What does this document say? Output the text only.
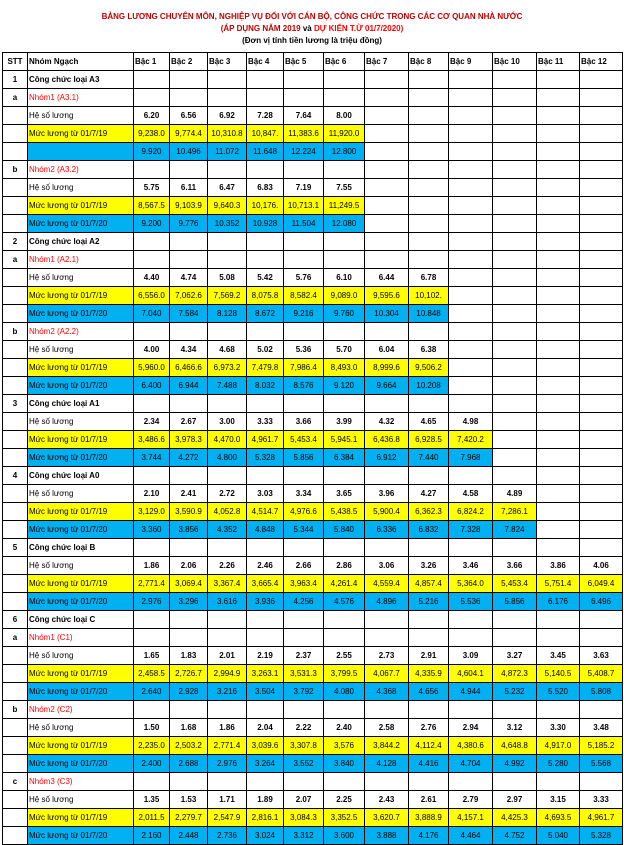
BẢNG LƯƠNG CHUYÊN MÔN, NGHIỆP VỤ ĐỐI VỚI CÁN BỘ, CÔNG CHỨC TRONG CÁC CƠ QUAN NHÀ NƯỚC
(ÁP DỤNG NĂM 2019 và DỰ KIẾN T.Ừ 01/7/2020)
(Đơn vị tính tiền lương là triệu đồng)
STT	Nhóm Ngạch	Bậc 1	Bậc 2	Bậc 3	Bậc 4	Bậc 5	Bậc 6	Bậc 7	Bậc 8	Bậc 9	Bậc 10	Bậc 11	Bậc 12
1	Công chức loại A3												
a	Nhóm1 (A3.1)												
	Hệ số lương	6.20	6.56	6.92	7.28	7.64	8.00						
	Mức lương từ 01/7/19	9,238.0	9,774.4	10,310.8	10,847.	11,383.6	11,920.0						
		9.920	10.496	11.072	11.648	12.224	12.800						
b	Nhóm2 (A3.2)												
	Hệ số lương	5.75	6.11	6.47	6.83	7.19	7.55						
	Mức lương từ 01/7/19	8,567.5	9,103.9	9,640.3	10,176.	10,713.1	11,249.5						
	Mức lương từ 01/7/20	9.200	9.776	10.352	10.928	11.504	12.080						
2	Công chức loại A2												
a	Nhóm1 (A2.1)												
	Hệ số lương	4.40	4.74	5.08	5.42	5.76	6.10	6.44	6.78				
	Mức lương từ 01/7/19	6,556.0	7,062.6	7,569.2	8,075.8	8,582.4	9,089.0	9,595.6	10,102.				
	Mức lương từ 01/7/20	7.040	7.584	8.128	8.672	9.216	9.760	10.304	10.848				
b	Nhóm2 (A2.2)												
	Hệ số lương	4.00	4.34	4.68	5.02	5.36	5.70	6.04	6.38				
	Mức lương từ 01/7/19	5,960.0	6,466.6	6,973.2	7,479.8	7,986.4	8,493.0	8,999.6	9,506.2				
	Mức lương từ 01/7/20	6.400	6.944	7.488	8.032	8.576	9.120	9.664	10.208				
3	Công chức loại A1												
	Hệ số lương	2.34	2.67	3.00	3.33	3.66	3.99	4.32	4.65	4.98			
	Mức lương từ 01/7/19	3,486.6	3,978.3	4,470.0	4,961.7	5,453.4	5,945.1	6,436.8	6,928.5	7,420.2			
	Mức lương từ 01/7/20	3.744	4.272	4.800	5.328	5.856	6.384	6.912	7.440	7.968			
4	Công chức loại A0												
	Hệ số lương	2.10	2.41	2.72	3.03	3.34	3.65	3.96	4.27	4.58	4.89		
	Mức lương từ 01/7/19	3,129.0	3,590.9	4,052.8	4,514.7	4,976.6	5,438.5	5,900.4	6,362.3	6,824.2	7,286.1		
	Mức lương từ 01/7/20	3.360	3.856	4.352	4.848	5.344	5.840	6.336	6.832	7.328	7.824		
5	Công chức loại B												
	Hệ số lương	1.86	2.06	2.26	2.46	2.66	2.86	3.06	3.26	3.46	3.66	3.86	4.06
	Mức lương từ 01/7/19	2,771.4	3,069.4	3,367.4	3,665.4	3,963.4	4,261.4	4,559.4	4,857.4	5,364.0	5,453.4	5,751.4	6,049.4
	Mức lương từ 01/7/20	2.976	3.296	3.616	3.936	4.256	4.576	4.896	5.216	5.536	5.856	6.176	6.496
6	Công chức loại C												
a	Nhóm1 (C1)												
	Hệ số lương	1.65	1.83	2.01	2.19	2.37	2.55	2.73	2.91	3.09	3.27	3.45	3.63
	Mức lương từ 01/7/19	2,458.5	2,726.7	2,994.9	3,263.1	3,531.3	3,799.5	4,067.7	4,335.9	4,604.1	4,872.3	5,140.5	5,408.7
	Mức lương từ 01/7/20	2.640	2.928	3.216	3.504	3.792	4.080	4.368	4.656	4.944	5.232	5.520	5.808
b	Nhóm2 (C2)												
	Hệ số lương	1.50	1.68	1.86	2.04	2.22	2.40	2.58	2.76	2.94	3.12	3.30	3.48
	Mức lương từ 01/7/19	2,235.0	2,503.2	2,771.4	3,039.6	3,307.8	3,576	3,844.2	4,112.4	4,380.6	4,648.8	4,917.0	5,185.2
	Mức lương từ 01/7/20	2.400	2.688	2.976	3.264	3.552	3.840	4.128	4.416	4.704	4.992	5.280	5.568
c	Nhóm3 (C3)												
	Hệ số lương	1.35	1.53	1.71	1.89	2.07	2.25	2.43	2.61	2.79	2.97	3.15	3.33
	Mức lương từ 01/7/19	2,011.5	2,279.7	2,547.9	2,816.1	3,084.3	3,352.5	3,620.7	3,888.9	4,157.1	4,425.3	4,693.5	4,961.7
	Mức lương từ 01/7/20	2.160	2.448	2.736	3.024	3.312	3.600	3.888	4.176	4.464	4.752	5.040	5.328
